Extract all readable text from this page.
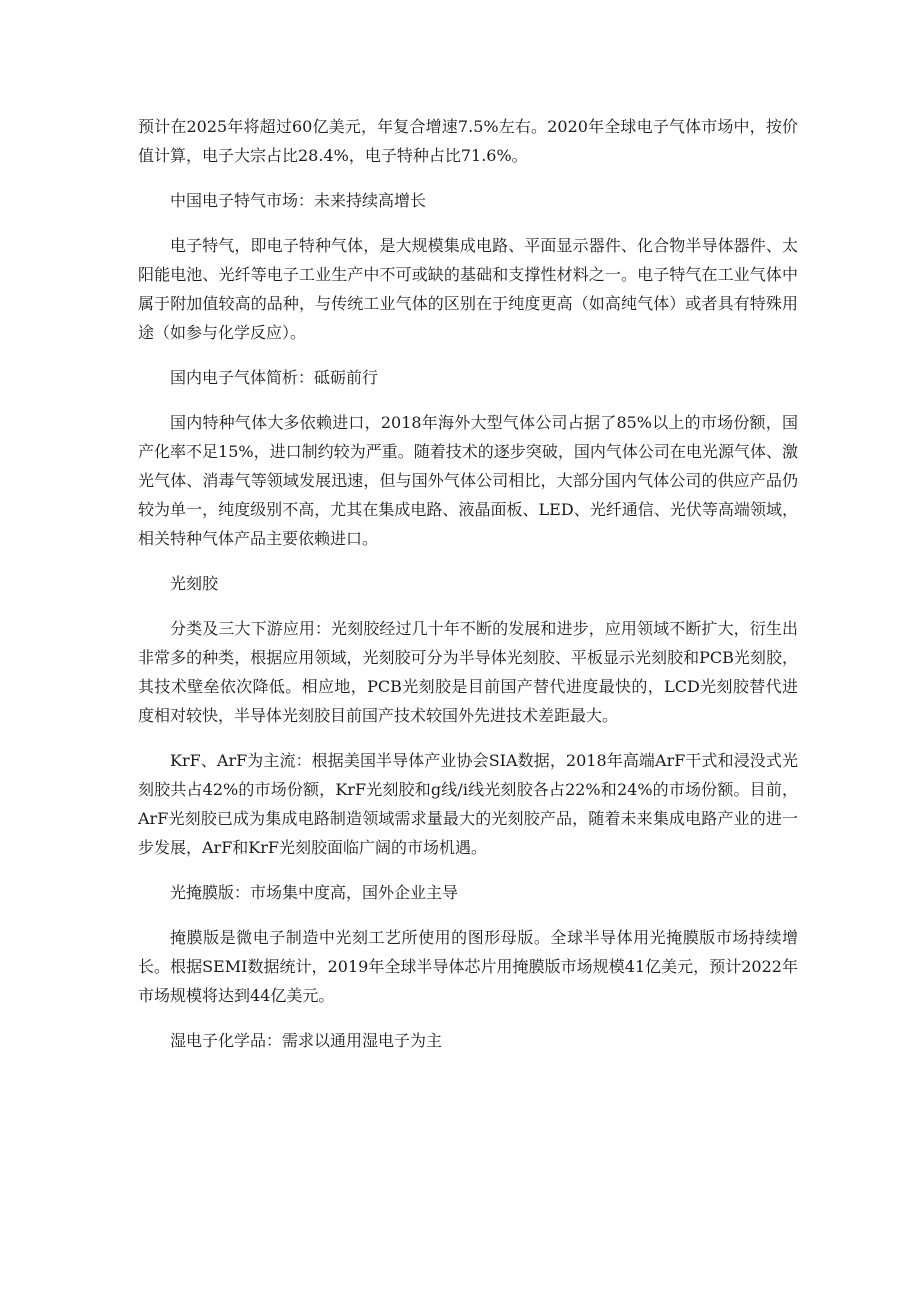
预计在2025年将超过60亿美元，年复合增速7.5%左右。2020年全球电子气体市场中，按价值计算，电子大宗占比28.4%，电子特种占比71.6%。

中国电子特气市场：未来持续高增长

电子特气，即电子特种气体，是大规模集成电路、平面显示器件、化合物半导体器件、太阳能电池、光纤等电子工业生产中不可或缺的基础和支撑性材料之一。电子特气在工业气体中属于附加值较高的品种，与传统工业气体的区别在于纯度更高（如高纯气体）或者具有特殊用途（如参与化学反应）。

国内电子气体简析：砥砺前行

国内特种气体大多依赖进口，2018年海外大型气体公司占据了85%以上的市场份额，国产化率不足15%，进口制约较为严重。随着技术的逐步突破，国内气体公司在电光源气体、激光气体、消毒气等领域发展迅速，但与国外气体公司相比，大部分国内气体公司的供应产品仍较为单一，纯度级别不高，尤其在集成电路、液晶面板、LED、光纤通信、光伏等高端领域，相关特种气体产品主要依赖进口。

光刻胶

分类及三大下游应用：光刻胶经过几十年不断的发展和进步，应用领域不断扩大，衍生出非常多的种类，根据应用领域，光刻胶可分为半导体光刻胶、平板显示光刻胶和PCB光刻胶，其技术壁垒依次降低。相应地，PCB光刻胶是目前国产替代进度最快的，LCD光刻胶替代进度相对较快，半导体光刻胶目前国产技术较国外先进技术差距最大。

KrF、ArF为主流：根据美国半导体产业协会SIA数据，2018年高端ArF干式和浸没式光刻胶共占42%的市场份额，KrF光刻胶和g线/i线光刻胶各占22%和24%的市场份额。目前，ArF光刻胶已成为集成电路制造领域需求量最大的光刻胶产品，随着未来集成电路产业的进一步发展，ArF和KrF光刻胶面临广阔的市场机遇。

光掩膜版：市场集中度高，国外企业主导

掩膜版是微电子制造中光刻工艺所使用的图形母版。全球半导体用光掩膜版市场持续增长。根据SEMI数据统计，2019年全球半导体芯片用掩膜版市场规模41亿美元，预计2022年市场规模将达到44亿美元。

湿电子化学品：需求以通用湿电子为主
